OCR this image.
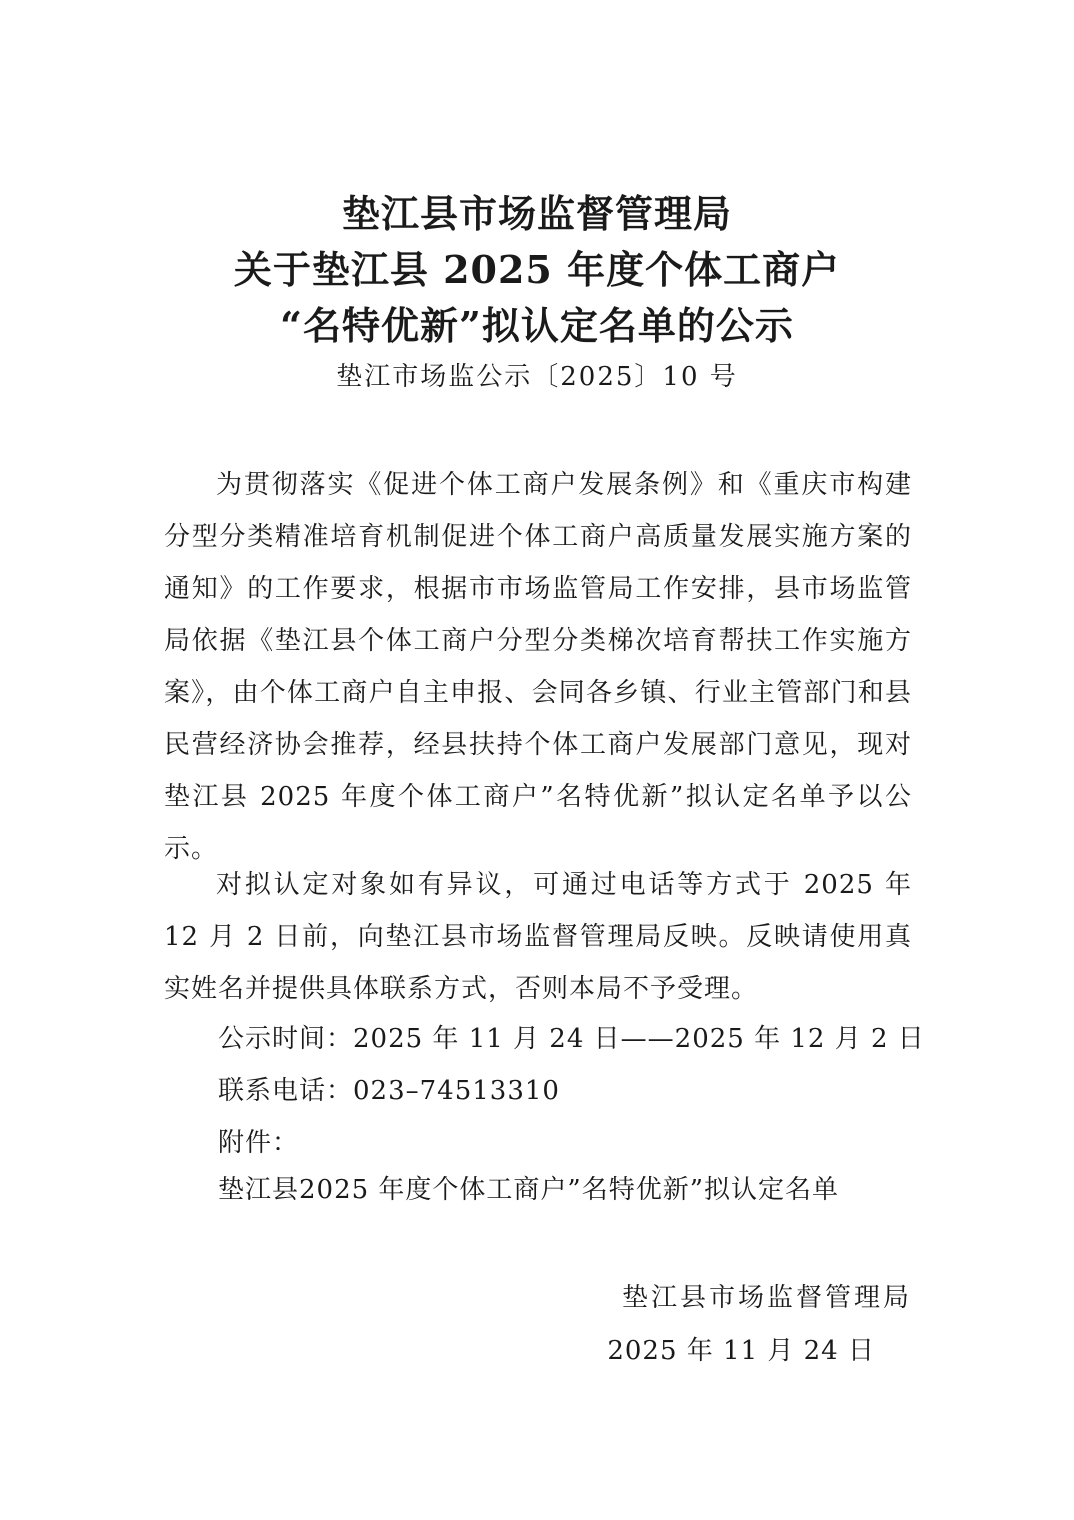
垫江县市场监督管理局
关于垫江县 2025 年度个体工商户
“名特优新”拟认定名单的公示
垫江市场监公示〔2025〕10 号

为贯彻落实《促进个体工商户发展条例》和《重庆市构建分型分类精准培育机制促进个体工商户高质量发展实施方案的通知》的工作要求，根据市市场监管局工作安排，县市场监管局依据《垫江县个体工商户分型分类梯次培育帮扶工作实施方案》，由个体工商户自主申报、会同各乡镇、行业主管部门和县民营经济协会推荐，经县扶持个体工商户发展部门意见，现对垫江县 2025 年度个体工商户”名特优新”拟认定名单予以公示。

对拟认定对象如有异议，可通过电话等方式于 2025 年 12 月 2 日前，向垫江县市场监督管理局反映。反映请使用真实姓名并提供具体联系方式，否则本局不予受理。

公示时间：2025 年 11 月 24 日——2025 年 12 月 2 日

联系电话：023–74513310

附件：

垫江县2025 年度个体工商户”名特优新”拟认定名单

垫江县市场监督管理局
2025 年 11 月 24 日
